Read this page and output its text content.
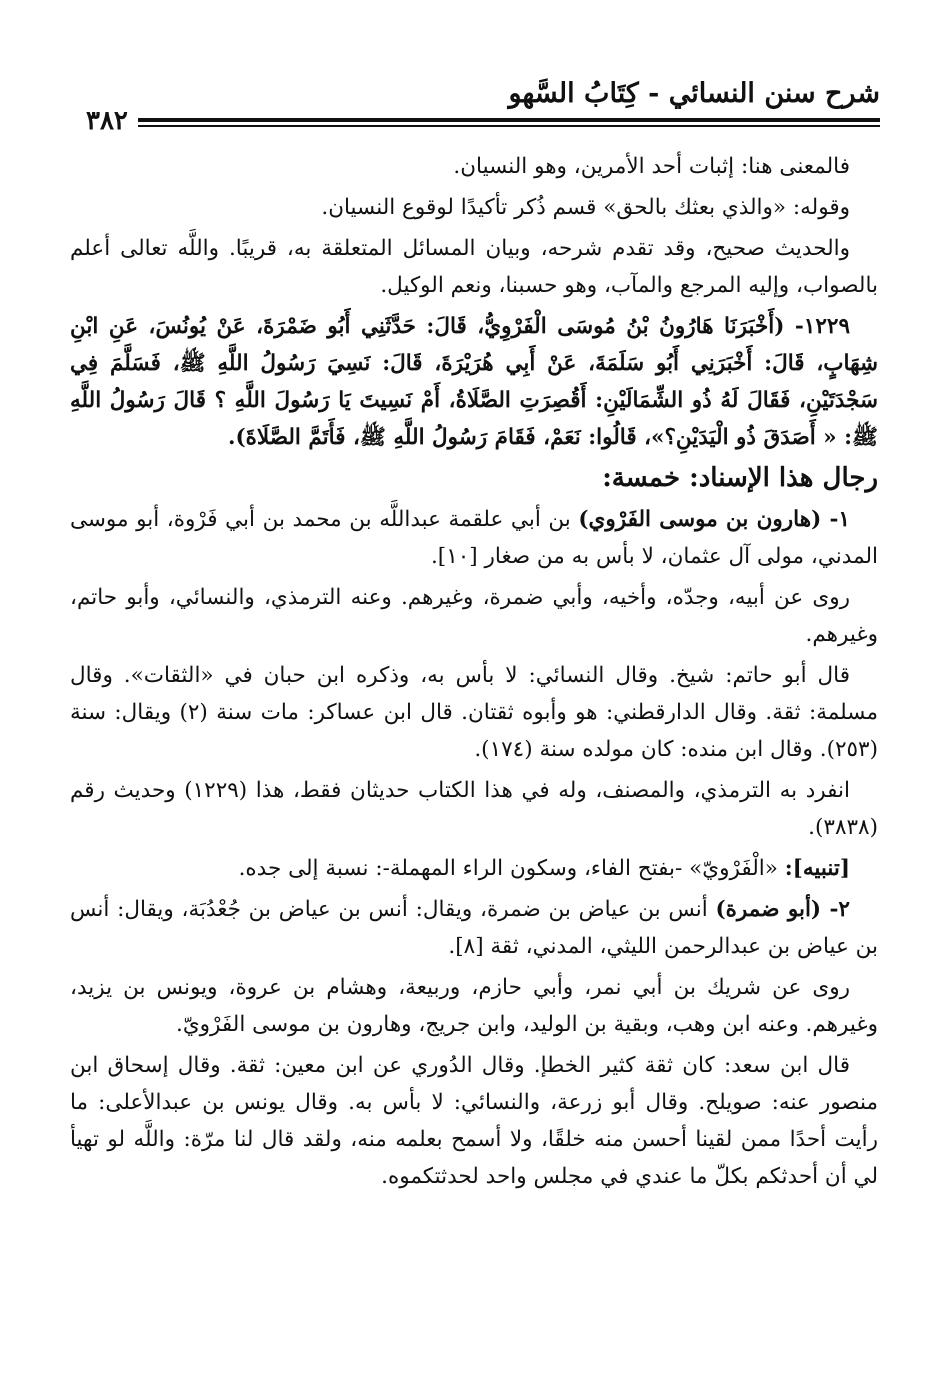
شرح سنن النسائي - كِتَابُ السَّهو
٣٨٢

فالمعنى هنا: إثبات أحد الأمرين، وهو النسيان.

وقوله: «والذي بعثك بالحق» قسم ذُكر تأكيدًا لوقوع النسيان.

والحديث صحيح، وقد تقدم شرحه، وبيان المسائل المتعلقة به، قريبًا. واللَّه تعالى أعلم بالصواب، وإليه المرجع والمآب، وهو حسبنا، ونعم الوكيل.

١٢٢٩- (أَخْبَرَنَا هَارُونُ بْنُ مُوسَى الْفَرْوِيُّ، قَالَ: حَدَّثَنِي أَبُو ضَمْرَةَ، عَنْ يُونُسَ، عَنِ ابْنِ شِهَابٍ، قَالَ: أَخْبَرَنِي أَبُو سَلَمَةَ، عَنْ أَبِي هُرَيْرَةَ، قَالَ: نَسِيَ رَسُولُ اللَّهِ ﷺ، فَسَلَّمَ فِي سَجْدَتَيْنِ، فَقَالَ لَهُ ذُو الشِّمَالَيْنِ: أَقُصِرَتِ الصَّلَاةُ، أَمْ نَسِيتَ يَا رَسُولَ اللَّهِ ؟ قَالَ رَسُولُ اللَّهِ ﷺ: « أَصَدَقَ ذُو الْيَدَيْنِ؟»، قَالُوا: نَعَمْ، فَقَامَ رَسُولُ اللَّهِ ﷺ، فَأَتَمَّ الصَّلَاةَ).

رجال هذا الإسناد: خمسة:

١- (هارون بن موسى الفَرْوي) بن أبي علقمة عبداللَّه بن محمد بن أبي فَرْوة، أبو موسى المدني، مولى آل عثمان، لا بأس به من صغار [١٠].

روى عن أبيه، وجدّه، وأخيه، وأبي ضمرة، وغيرهم. وعنه الترمذي، والنسائي، وأبو حاتم، وغيرهم.

قال أبو حاتم: شيخ. وقال النسائي: لا بأس به، وذكره ابن حبان في «الثقات». وقال مسلمة: ثقة. وقال الدارقطني: هو وأبوه ثقتان. قال ابن عساكر: مات سنة (٢) ويقال: سنة (٢٥٣). وقال ابن منده: كان مولده سنة (١٧٤).

انفرد به الترمذي، والمصنف، وله في هذا الكتاب حديثان فقط، هذا (١٢٢٩) وحديث رقم (٣٨٣٨).

[تنبيه]: «الْفَرْويّ» -بفتح الفاء، وسكون الراء المهملة-: نسبة إلى جده.

٢- (أبو ضمرة) أنس بن عياض بن ضمرة، ويقال: أنس بن عياض بن جُعْدُبَة، ويقال: أنس بن عياض بن عبدالرحمن الليثي، المدني، ثقة [٨].

روى عن شريك بن أبي نمر، وأبي حازم، وربيعة، وهشام بن عروة، ويونس بن يزيد، وغيرهم. وعنه ابن وهب، وبقية بن الوليد، وابن جريج، وهارون بن موسى الفَرْويّ.

قال ابن سعد: كان ثقة كثير الخطإ. وقال الدُوري عن ابن معين: ثقة. وقال إسحاق ابن منصور عنه: صويلح. وقال أبو زرعة، والنسائي: لا بأس به. وقال يونس بن عبدالأعلى: ما رأيت أحدًا ممن لقينا أحسن منه خلقًا، ولا أسمح بعلمه منه، ولقد قال لنا مرّة: واللَّه لو تهيأ لي أن أحدثكم بكلّ ما عندي في مجلس واحد لحدثتكموه.
